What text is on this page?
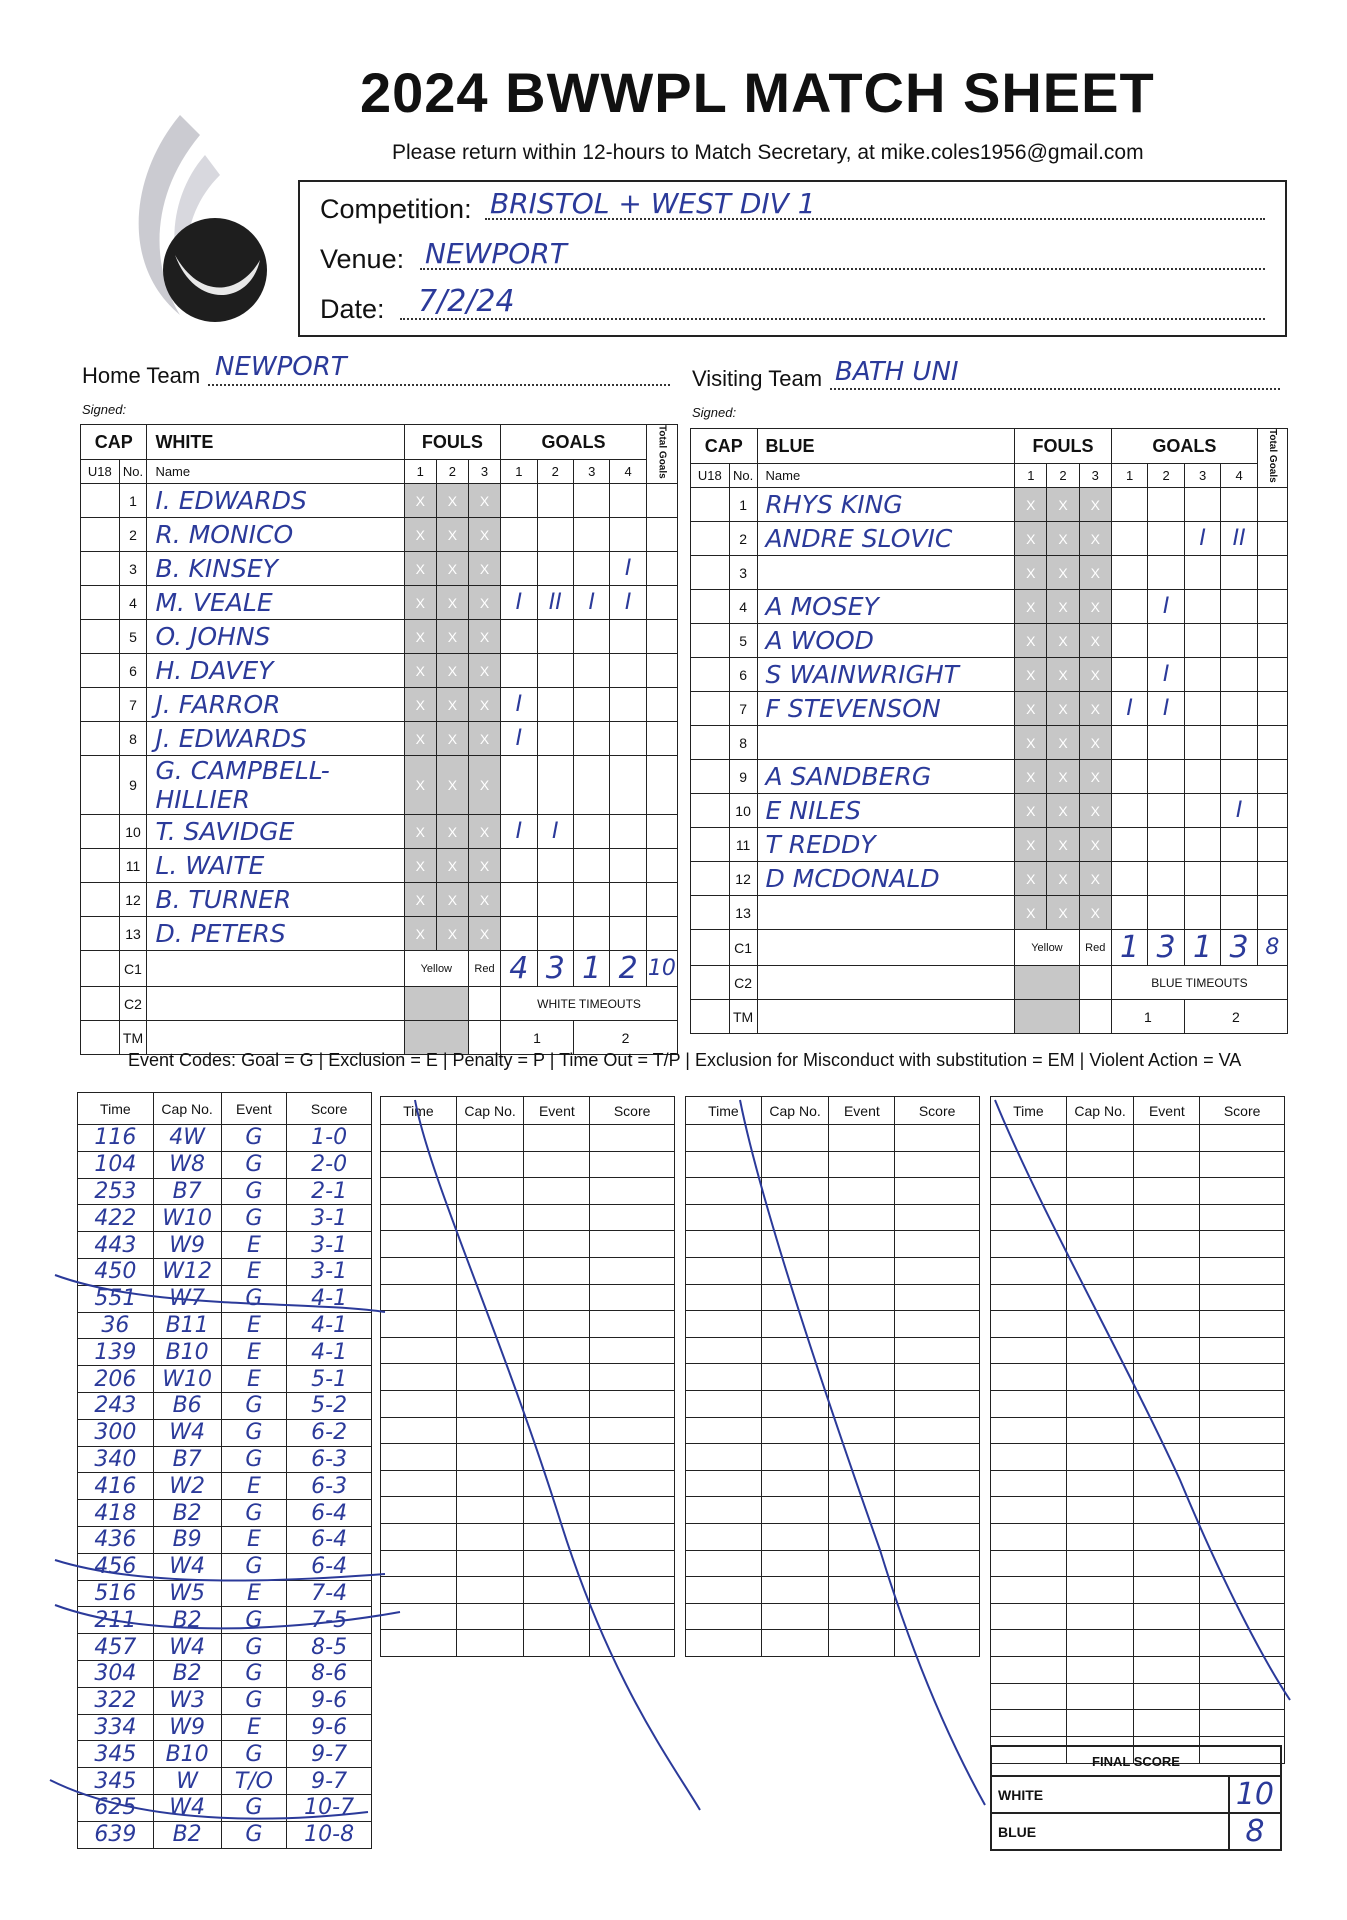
2024 BWWPL MATCH SHEET
Please return within 12-hours to Match Secretary, at mike.coles1956@gmail.com
Competition: BRISTOL + WEST DIV 1
Venue: NEWPORT
Date: 7/2/24
Home Team NEWPORT
Signed:
Visiting Team BATH UNI
Signed:
CAP		WHITE	FOULS			GOALS				Total Goals
U18	No.	Name	1	2	3	1	2	3	4	
	1	I. EDWARDS	X	X	X					
	2	R. MONICO	X	X	X					
	3	B. KINSEY	X	X	X				I	
	4	M. VEALE	X	X	X	I	II	I	I	
	5	O. JOHNS	X	X	X					
	6	H. DAVEY	X	X	X					
	7	J. FARROR	X	X	X	I				
	8	J. EDWARDS	X	X	X	I				
	9	G. CAMPBELL-HILLIER	X	X	X					
	10	T. SAVIDGE	X	X	X	I	I			
	11	L. WAITE	X	X	X					
	12	B. TURNER	X	X	X					
	13	D. PETERS	X	X	X					
	C1		Yellow		Red	4	3	1	2	10
	C2					WHITE TIMEOUTS				
	TM					1		2		
CAP		BLUE	FOULS			GOALS				Total Goals
U18	No.	Name	1	2	3	1	2	3	4	
	1	RHYS KING	X	X	X					
	2	ANDRE SLOVIC	X	X	X			I	II	
	3		X	X	X					
	4	A MOSEY	X	X	X		I			
	5	A WOOD	X	X	X					
	6	S WAINWRIGHT	X	X	X		I			
	7	F STEVENSON	X	X	X	I	I			
	8		X	X	X					
	9	A SANDBERG	X	X	X					
	10	E NILES	X	X	X				I	
	11	T REDDY	X	X	X					
	12	D MCDONALD	X	X	X					
	13		X	X	X					
	C1		Yellow		Red	1	3	1	3	8
	C2					BLUE TIMEOUTS				
	TM					1		2		
Event Codes: Goal = G | Exclusion = E | Penalty = P | Time Out = T/P | Exclusion for Misconduct with substitution = EM | Violent Action = VA
Time	Cap No.	Event	Score
116	4W	G	1-0
104	W8	G	2-0
253	B7	G	2-1
422	W10	G	3-1
443	W9	E	3-1
450	W12	E	3-1
551	W7	G	4-1
36	B11	E	4-1
139	B10	E	4-1
206	W10	E	5-1
243	B6	G	5-2
300	W4	G	6-2
340	B7	G	6-3
416	W2	E	6-3
418	B2	G	6-4
436	B9	E	6-4
456	W4	G	6-4
516	W5	E	7-4
211	B2	G	7-5
457	W4	G	8-5
304	B2	G	8-6
322	W3	G	9-6
334	W9	E	9-6
345	B10	G	9-7
345	W	T/O	9-7
625	W4	G	10-7
639	B2	G	10-8
Time	Cap No.	Event	Score

				Time	Cap No.	Event	Score

				Time	Cap No.	Event	Score

FINAL SCORE	
WHITE	10
BLUE	8
